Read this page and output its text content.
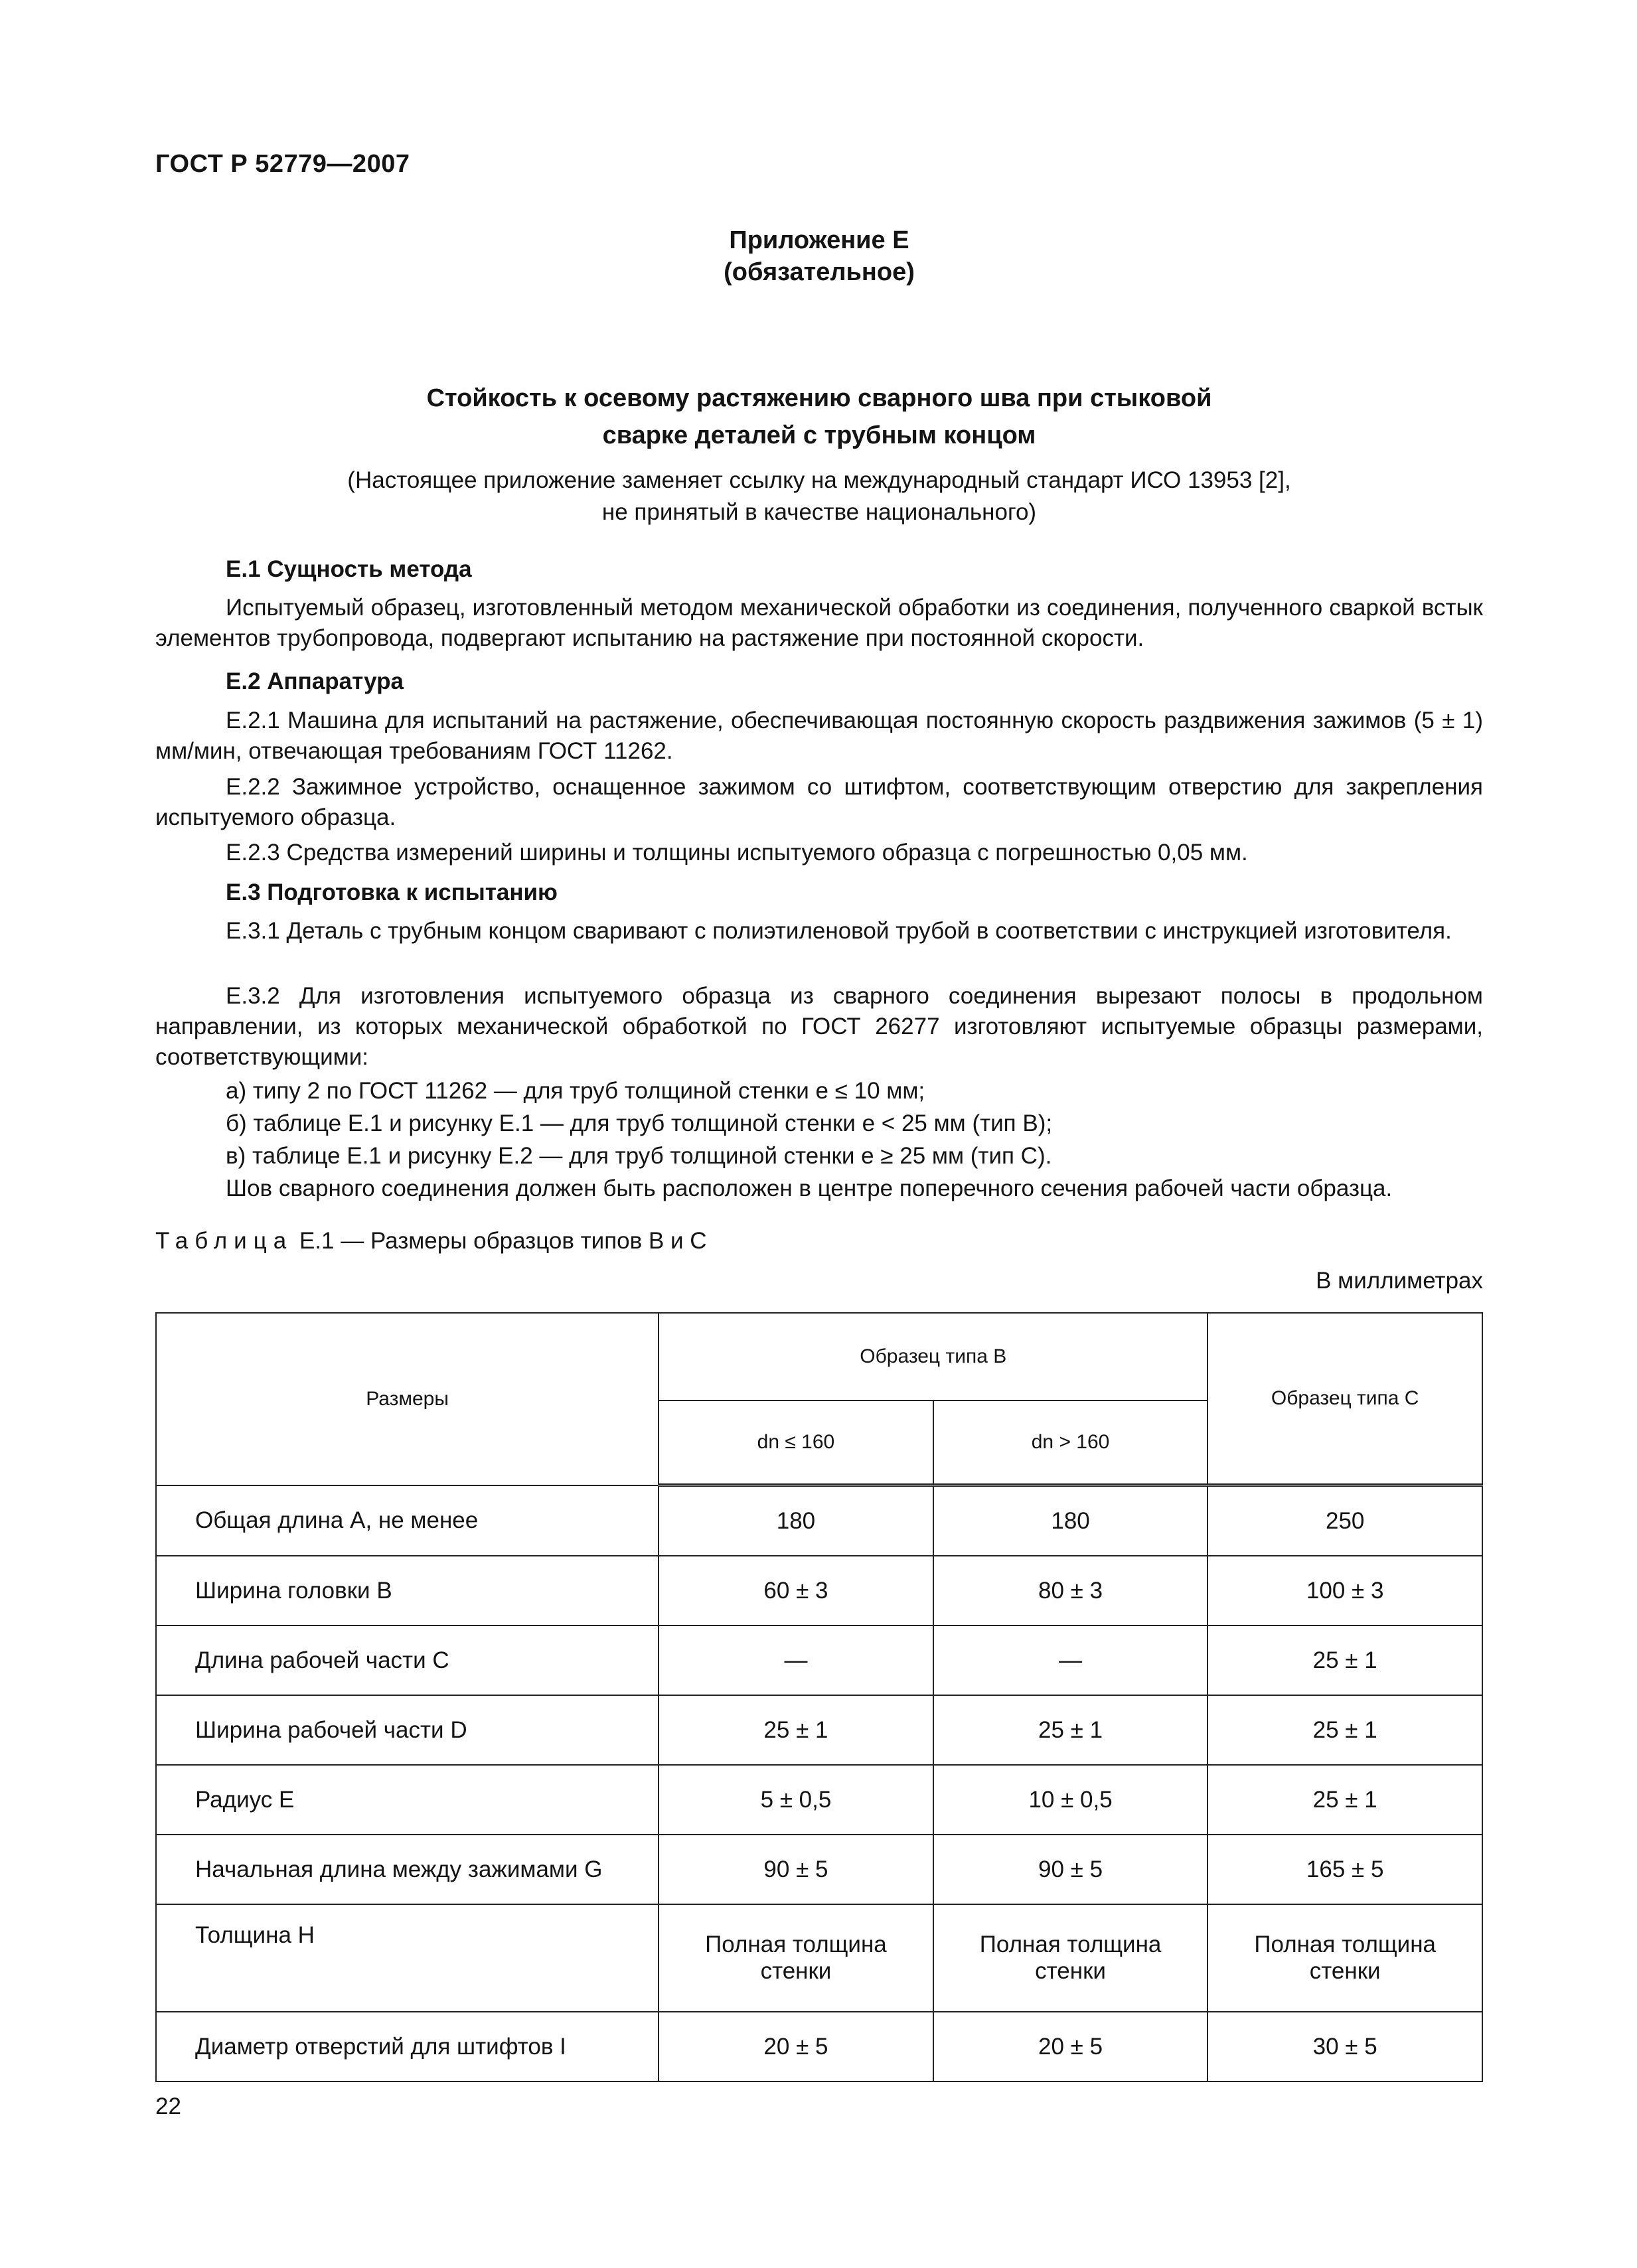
ГОСТ Р 52779—2007
Приложение Е
(обязательное)
Стойкость к осевому растяжению сварного шва при стыковой
сварке деталей с трубным концом
(Настоящее приложение заменяет ссылку на международный стандарт ИСО 13953 [2],
не принятый в качестве национального)
Е.1 Сущность метода
Испытуемый образец, изготовленный методом механической обработки из соединения, полученного сваркой встык элементов трубопровода, подвергают испытанию на растяжение при постоянной скорости.
Е.2 Аппаратура
Е.2.1 Машина для испытаний на растяжение, обеспечивающая постоянную скорость раздвижения зажимов (5 ± 1) мм/мин, отвечающая требованиям ГОСТ 11262.
Е.2.2 Зажимное устройство, оснащенное зажимом со штифтом, соответствующим отверстию для закрепления испытуемого образца.
Е.2.3 Средства измерений ширины и толщины испытуемого образца с погрешностью 0,05 мм.
Е.3 Подготовка к испытанию
Е.3.1 Деталь с трубным концом сваривают с полиэтиленовой трубой в соответствии с инструкцией изготовителя.
Е.3.2 Для изготовления испытуемого образца из сварного соединения вырезают полосы в продольном направлении, из которых механической обработкой по ГОСТ 26277 изготовляют испытуемые образцы размерами, соответствующими:
а) типу 2 по ГОСТ 11262 — для труб толщиной стенки e ≤ 10 мм;
б) таблице Е.1 и рисунку Е.1 — для труб толщиной стенки e < 25 мм (тип В);
в) таблице Е.1 и рисунку Е.2 — для труб толщиной стенки e ≥ 25 мм (тип С).
Шов сварного соединения должен быть расположен в центре поперечного сечения рабочей части образца.
Таблица Е.1 — Размеры образцов типов В и С
В миллиметрах
Размеры	Образец типа В		Образец типа С
	dn ≤ 160	dn > 160	
Общая длина A, не менее	180	180	250
Ширина головки B	60 ± 3	80 ± 3	100 ± 3
Длина рабочей части C	—	—	25 ± 1
Ширина рабочей части D	25 ± 1	25 ± 1	25 ± 1
Радиус E	5 ± 0,5	10 ± 0,5	25 ± 1
Начальная длина между зажимами G	90 ± 5	90 ± 5	165 ± 5
Толщина H	Полная толщина стенки	Полная толщина стенки	Полная толщина стенки
Диаметр отверстий для штифтов I	20 ± 5	20 ± 5	30 ± 5
22
